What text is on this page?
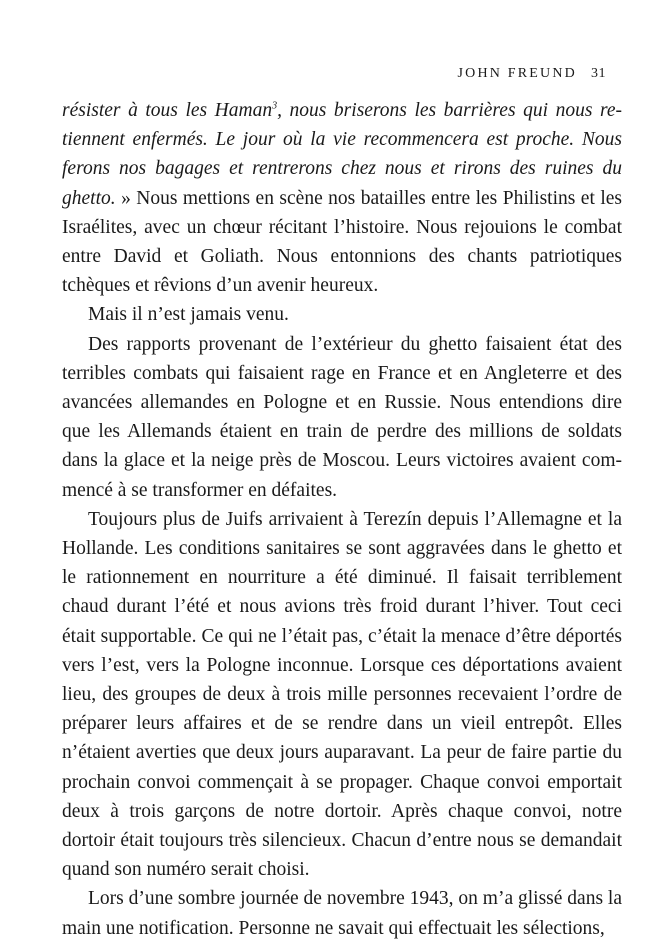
JOHN FREUND 31

résister à tous les Haman$^3$, nous briserons les barrières qui nous retiennent enfermés. Le jour où la vie recommencera est proche. Nous ferons nos bagages et rentrerons chez nous et rirons des ruines du ghetto. » Nous mettions en scène nos batailles entre les Philistins et les Israélites, avec un chœur récitant l’histoire. Nous rejouions le combat entre David et Goliath. Nous entonnions des chants patriotiques tchèques et rêvions d’un avenir heureux.

Mais il n’est jamais venu.

Des rapports provenant de l’extérieur du ghetto faisaient état des terribles combats qui faisaient rage en France et en Angleterre et des avancées allemandes en Pologne et en Russie. Nous entendions dire que les Allemands étaient en train de perdre des millions de soldats dans la glace et la neige près de Moscou. Leurs victoires avaient commencé à se transformer en défaites.

Toujours plus de Juifs arrivaient à Terezín depuis l’Allemagne et la Hollande. Les conditions sanitaires se sont aggravées dans le ghetto et le rationnement en nourriture a été diminué. Il faisait terriblement chaud durant l’été et nous avions très froid durant l’hiver. Tout ceci était supportable. Ce qui ne l’était pas, c’était la menace d’être déportés vers l’est, vers la Pologne inconnue. Lorsque ces déportations avaient lieu, des groupes de deux à trois mille personnes recevaient l’ordre de préparer leurs affaires et de se rendre dans un vieil entrepôt. Elles n’étaient averties que deux jours auparavant. La peur de faire partie du prochain convoi commençait à se propager. Chaque convoi emportait deux à trois garçons de notre dortoir. Après chaque convoi, notre dortoir était toujours très silencieux. Chacun d’entre nous se demandait quand son numéro serait choisi.

Lors d’une sombre journée de novembre 1943, on m’a glissé dans la main une notification. Personne ne savait qui effectuait les sélections,
